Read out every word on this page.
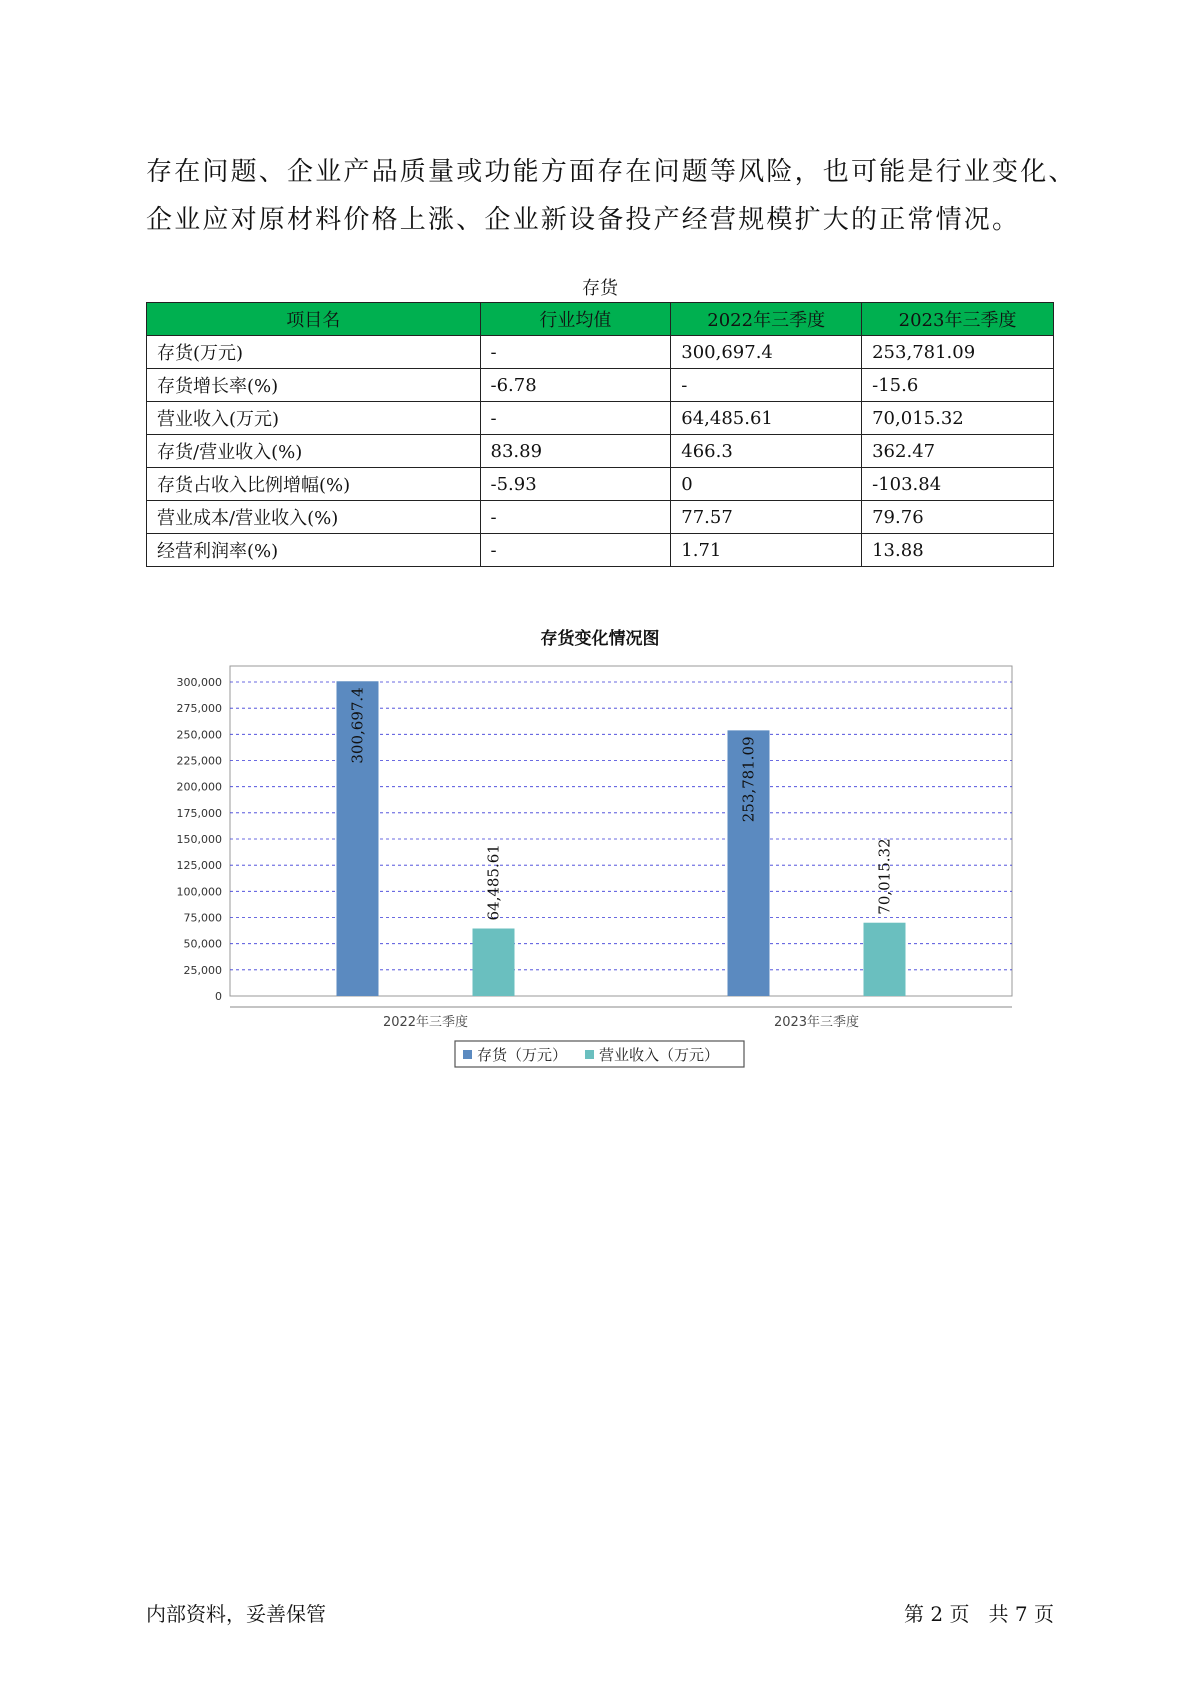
存在问题、企业产品质量或功能方面存在问题等风险，也可能是行业变化、

企业应对原材料价格上涨、企业新设备投产经营规模扩大的正常情况。

存货
项目名	行业均值	2022年三季度	2023年三季度
存货(万元)	-	300,697.4	253,781.09
存货增长率(%)	-6.78	-	-15.6
营业收入(万元)	-	64,485.61	70,015.32
存货/营业收入(%)	83.89	466.3	362.47
存货占收入比例增幅(%)	-5.93	0	-103.84
营业成本/营业收入(%)	-	77.57	79.76
经营利润率(%)	-	1.71	13.88
存货变化情况图
0
25,000
50,000
75,000
100,000
125,000
150,000
175,000
200,000
225,000
250,000
275,000
300,000
300,697.4
253,781.09
64,485.61	70,015.32
2022年三季度	2023年三季度
存货（万元） 营业收入（万元）
内部资料，妥善保管	第 2 页   共 7 页
